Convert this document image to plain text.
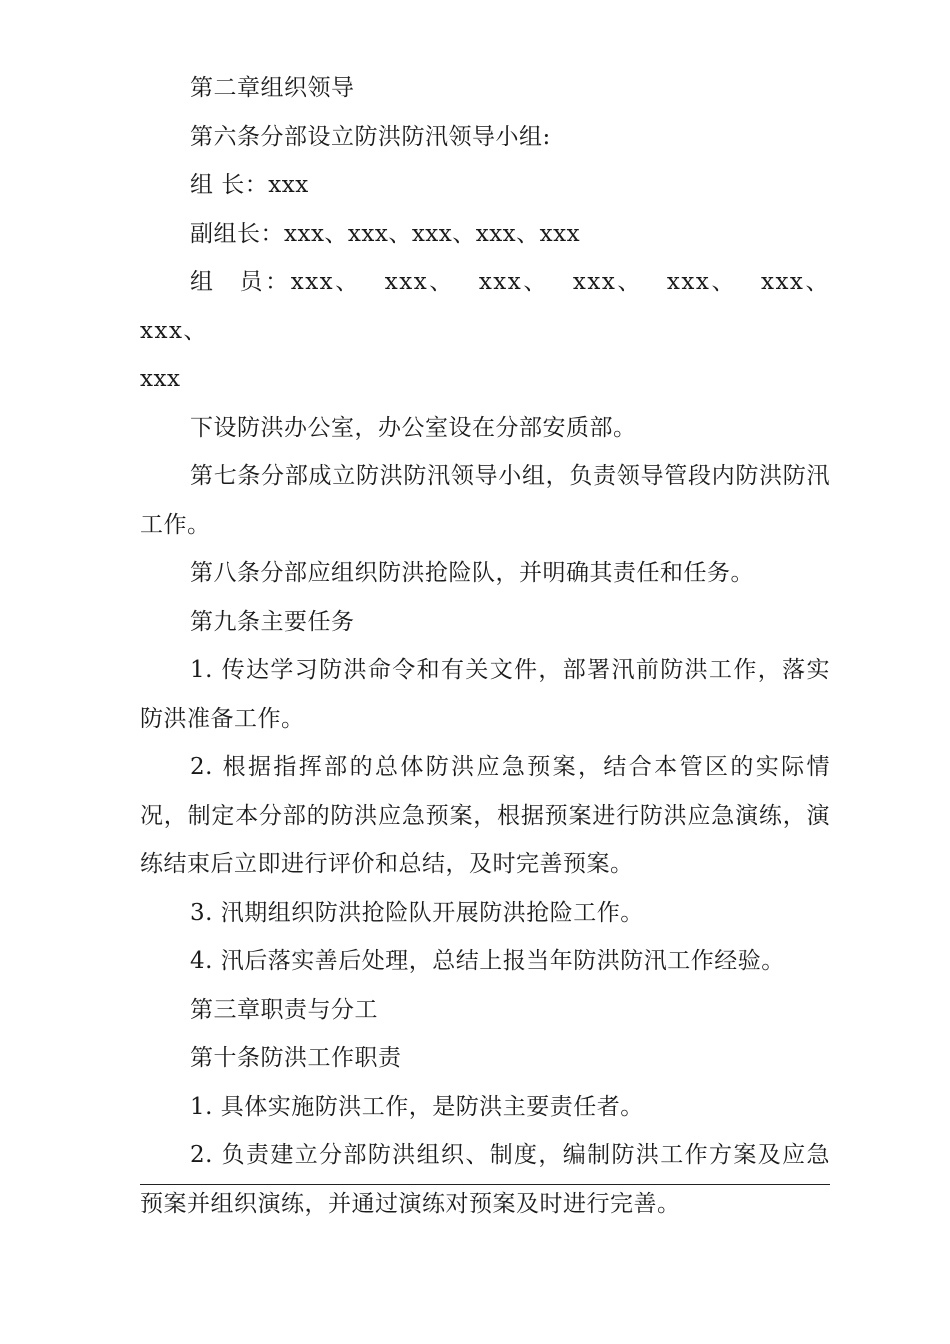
第二章组织领导

第六条分部设立防洪防汛领导小组:

组 长：xxx

副组长：xxx、xxx、xxx、xxx、xxx

组 员：xxx、 xxx、 xxx、 xxx、 xxx、 xxx、 xxx、

xxx

下设防洪办公室，办公室设在分部安质部。

第七条分部成立防洪防汛领导小组，负责领导管段内防洪防汛工作。

第八条分部应组织防洪抢险队，并明确其责任和任务。

第九条主要任务

1. 传达学习防洪命令和有关文件，部署汛前防洪工作，落实防洪准备工作。

2. 根据指挥部的总体防洪应急预案，结合本管区的实际情况，制定本分部的防洪应急预案，根据预案进行防洪应急演练，演练结束后立即进行评价和总结，及时完善预案。

3. 汛期组织防洪抢险队开展防洪抢险工作。

4. 汛后落实善后处理，总结上报当年防洪防汛工作经验。

第三章职责与分工

第十条防洪工作职责

1. 具体实施防洪工作，是防洪主要责任者。

2. 负责建立分部防洪组织、制度，编制防洪工作方案及应急预案并组织演练，并通过演练对预案及时进行完善。
